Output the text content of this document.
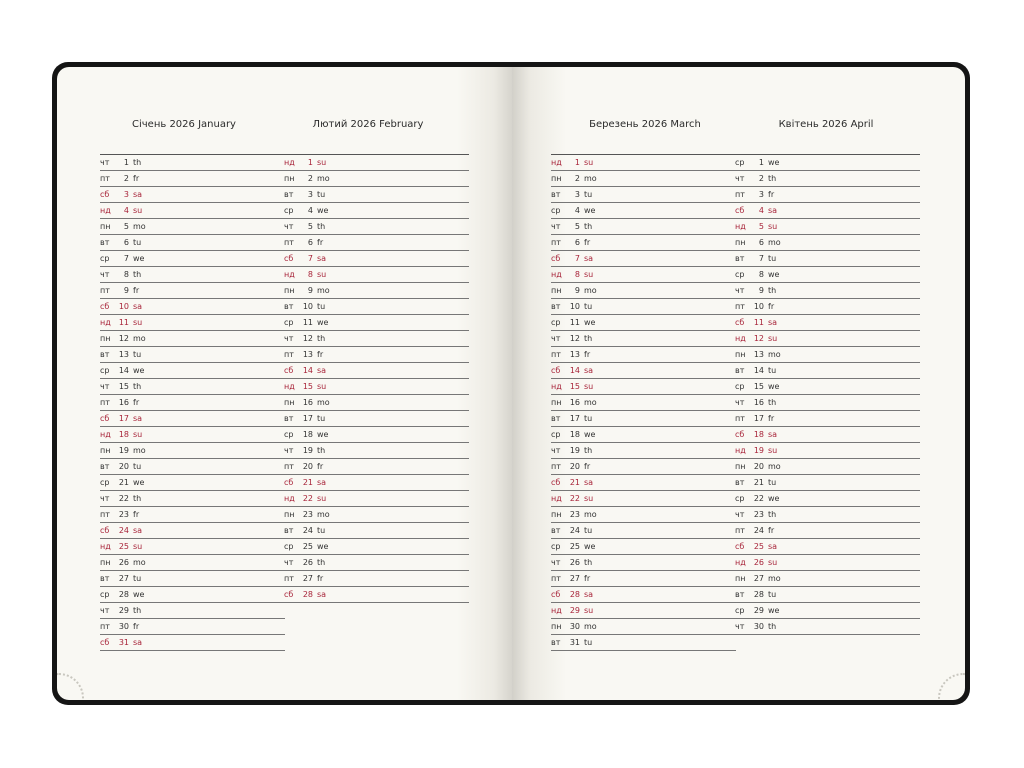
Січень 2026 January	Лютий 2026 February
чт	1 th
пт	2 fr
сб	3 sa
нд	4 su
пн	5 mo
вт	6 tu
ср	7 we
чт	8 th
пт	9 fr
сб	10 sa
нд	11 su
пн	12 mo
вт	13 tu
ср	14 we
чт	15 th
пт	16 fr
сб	17 sa
нд	18 su
пн	19 mo
вт	20 tu
ср	21 we
чт	22 th
пт	23 fr
сб	24 sa
нд	25 su
пн	26 mo
вт	27 tu
ср	28 we
чт	29 th
пт	30 fr
сб	31 sa
нд	1 su
пн	2 mo
вт	3 tu
ср	4 we
чт	5 th
пт	6 fr
сб	7 sa
нд	8 su
пн	9 mo
вт	10 tu
ср	11 we
чт	12 th
пт	13 fr
сб	14 sa
нд	15 su
пн	16 mo
вт	17 tu
ср	18 we
чт	19 th
пт	20 fr
сб	21 sa
нд	22 su
пн	23 mo
вт	24 tu
ср	25 we
чт	26 th
пт	27 fr
сб	28 sa
Березень 2026 March	Квітень 2026 April
нд	1 su
пн	2 mo
вт	3 tu
ср	4 we
чт	5 th
пт	6 fr
сб	7 sa
нд	8 su
пн	9 mo
вт	10 tu
ср	11 we
чт	12 th
пт	13 fr
сб	14 sa
нд	15 su
пн	16 mo
вт	17 tu
ср	18 we
чт	19 th
пт	20 fr
сб	21 sa
нд	22 su
пн	23 mo
вт	24 tu
ср	25 we
чт	26 th
пт	27 fr
сб	28 sa
нд	29 su
пн	30 mo
вт	31 tu
ср	1 we
чт	2 th
пт	3 fr
сб	4 sa
нд	5 su
пн	6 mo
вт	7 tu
ср	8 we
чт	9 th
пт	10 fr
сб	11 sa
нд	12 su
пн	13 mo
вт	14 tu
ср	15 we
чт	16 th
пт	17 fr
сб	18 sa
нд	19 su
пн	20 mo
вт	21 tu
ср	22 we
чт	23 th
пт	24 fr
сб	25 sa
нд	26 su
пн	27 mo
вт	28 tu
ср	29 we
чт	30 th
